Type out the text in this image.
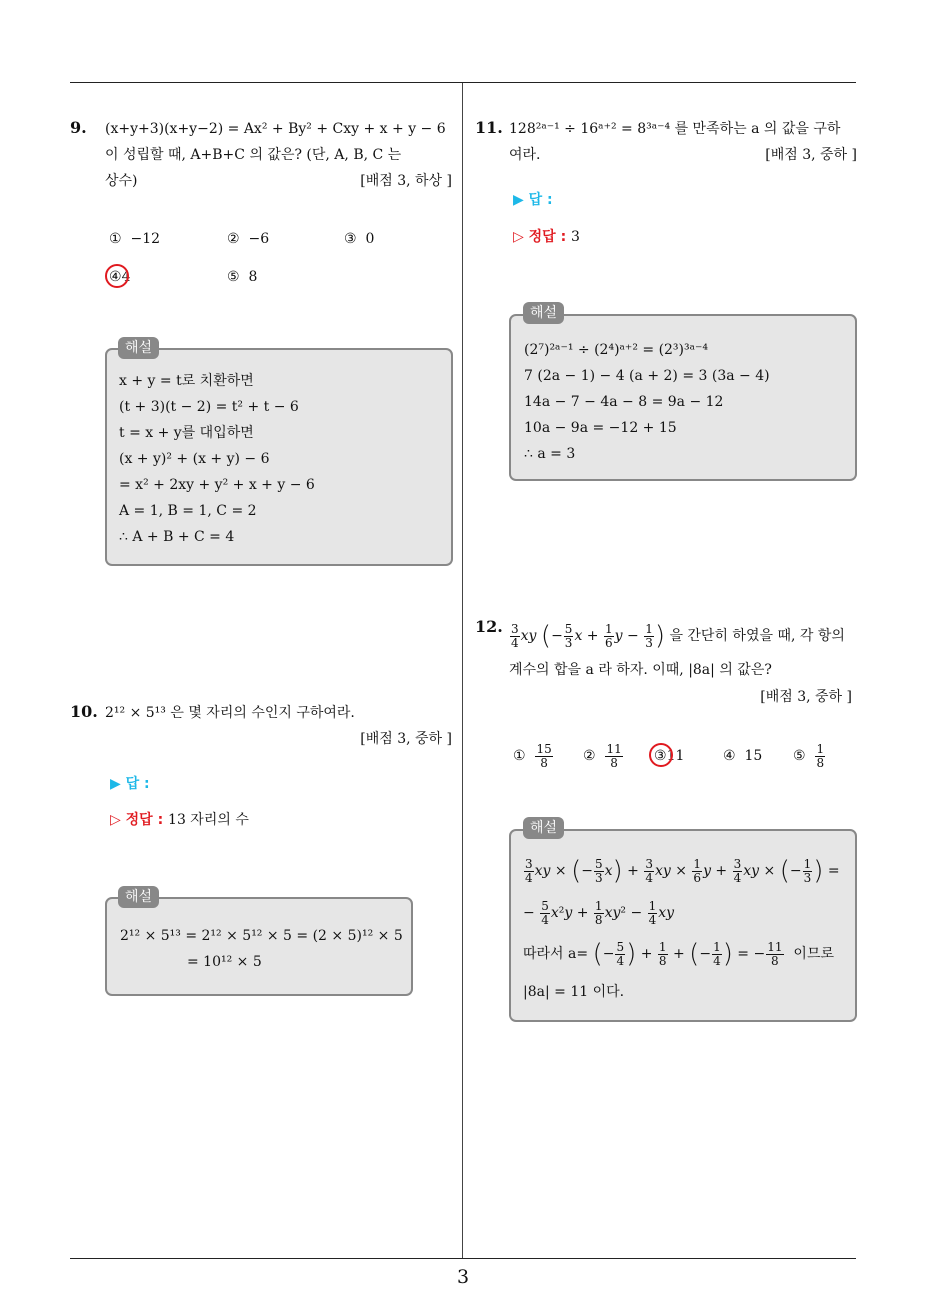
9. (x+y+3)(x+y−2) = Ax² + By² + Cxy + x + y − 6
이 성립할 때, A+B+C 의 값은? (단, A, B, C 는
상수)	[배점 3, 하상 ]
① −12	② −6	③ 0
④4	⑤ 8
x + y = t로 치환하면
(t + 3)(t − 2) = t² + t − 6
t = x + y를 대입하면
(x + y)² + (x + y) − 6
= x² + 2xy + y² + x + y − 6
A = 1, B = 1, C = 2
∴ A + B + C = 4
해설
10. 2¹² × 5¹³ 은 몇 자리의 수인지 구하여라.
[배점 3, 중하 ]
▶ 답 :
▷ 정답 : 13 자리의 수
2¹² × 5¹³ = 2¹² × 5¹² × 5 = (2 × 5)¹² × 5
= 10¹² × 5
해설
11. 128²ᵃ⁻¹ ÷ 16ᵃ⁺² = 8³ᵃ⁻⁴ 를 만족하는 a 의 값을 구하
여라.	[배점 3, 중하 ]
▶ 답 :
▷ 정답 : 3
(2⁷)²ᵃ⁻¹ ÷ (2⁴)ᵃ⁺² = (2³)³ᵃ⁻⁴
7 (2a − 1) − 4 (a + 2) = 3 (3a − 4)
14a − 7 − 4a − 8 = 9a − 12
10a − 9a = −12 + 15
∴ a = 3
해설
12. $\frac{3}{4}$ xy (− $\frac{5}{3}$ $x + \frac{1}{6}$ $y - \frac{1}{3}$ ) 을 간단히 하였을 때, 각 항의
계수의 합을 a 라 하자. 이때, |8a| 의 값은?
[배점 3, 중하 ]
① $\frac{15}{8}$ ② $\frac{11}{8}$ ③11	④ 15 ⑤ $\frac{1}{8}$
$\frac{3}{4}$ xy × (− $\frac{5}{3} x) + \frac{3}{4}$ xy × $\frac{1}{6}$ $y + \frac{3}{4}$ xy × (− $\frac{1}{3}$ ) =
− $\frac{5}{4} x^2y + \frac{1}{8} xy^2 - \frac{1}{4}$ xy
따라서 a= (− $\frac{5}{4}$ ) + $\frac{1}{8}$ + (− $\frac{1}{4}$ ) = − $\frac{11}{8}$ 이므로
|8a| = 11 이다.
해설
3
